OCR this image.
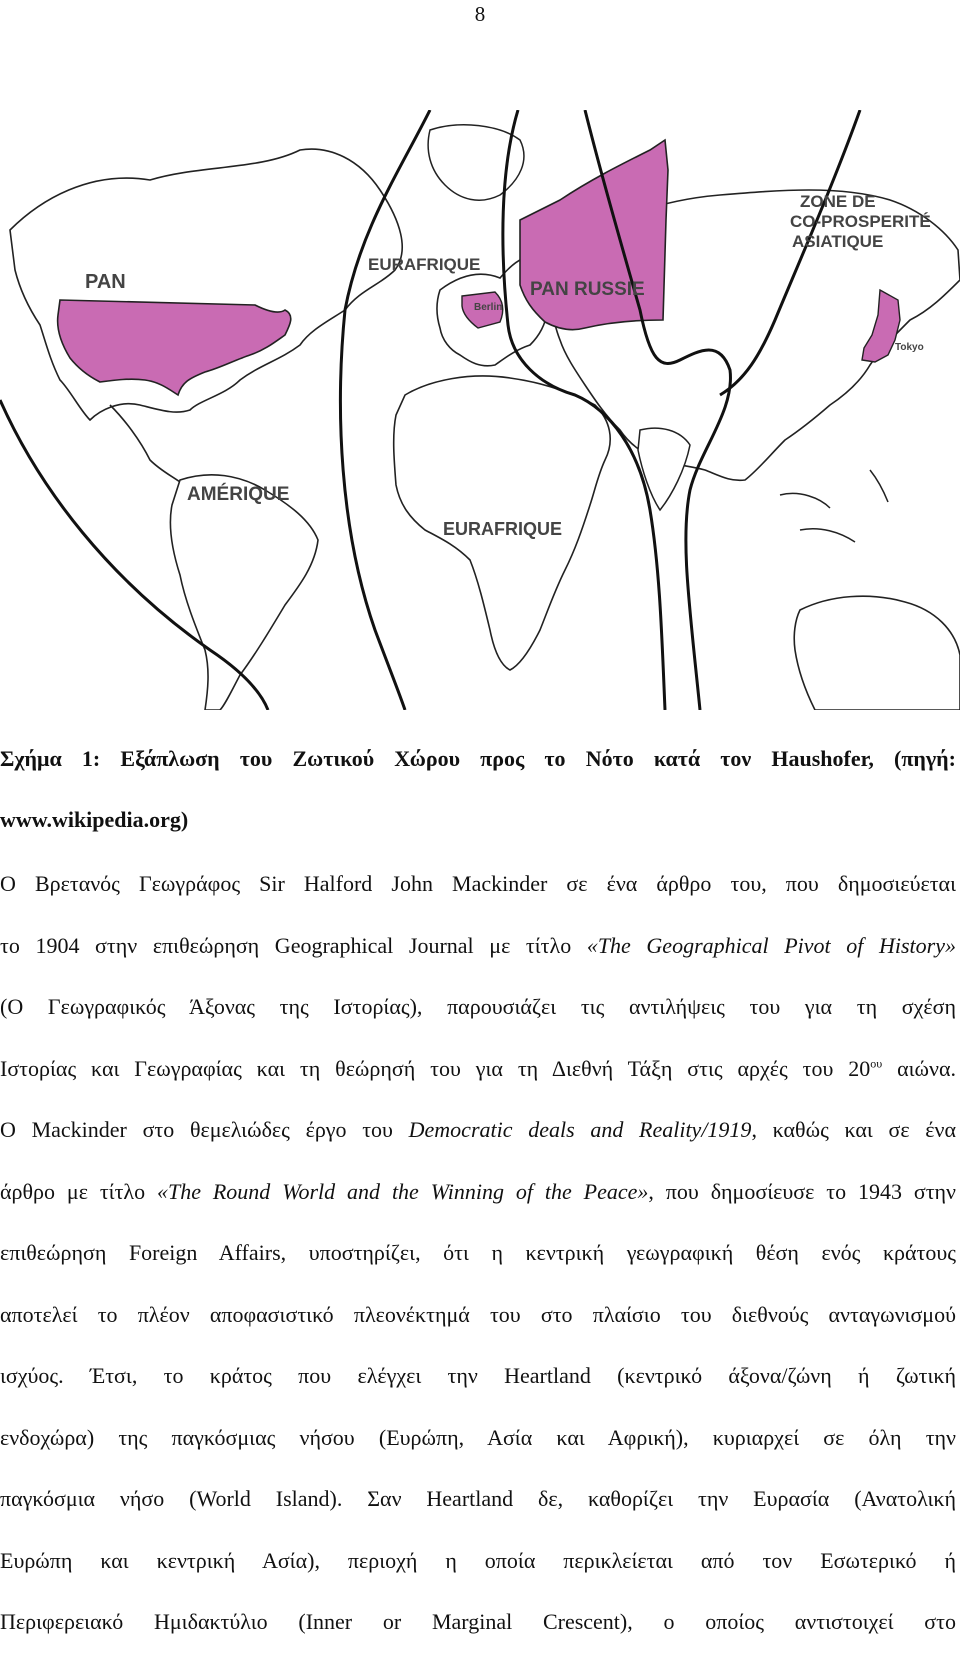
8
PAN
AMÉRIQUE
EURAFRIQUE
EURAFRIQUE
PAN RUSSIE
ZONE DE
CO-PROSPERITÉ
ASIATIQUE
Berlin
Tokyo
Σχήμα 1: Εξάπλωση του Ζωτικού Χώρου προς το Νότο κατά τον Haushofer, (πηγή:
www.wikipedia.org)
Ο Βρετανός Γεωγράφος Sir Halford John Mackinder σε ένα άρθρο του, που δημοσιεύεται
το 1904 στην επιθεώρηση Geographical Journal με τίτλο «The Geographical Pivot of History»
(Ο Γεωγραφικός Άξονας της Ιστορίας), παρουσιάζει τις αντιλήψεις του για τη σχέση
Ιστορίας και Γεωγραφίας και τη θεώρησή του για τη Διεθνή Τάξη στις αρχές του $20^{o\upsilon}$ αιώνα.
Ο Mackinder στο θεμελιώδες έργο του Democratic deals and Reality/1919, καθώς και σε ένα
άρθρο με τίτλο «The Round World and the Winning of the Peace», που δημοσίευσε το 1943 στην
επιθεώρηση Foreign Affairs, υποστηρίζει, ότι η κεντρική γεωγραφική θέση ενός κράτους
αποτελεί το πλέον αποφασιστικό πλεονέκτημά του στο πλαίσιο του διεθνούς ανταγωνισμού
ισχύος. Έτσι, το κράτος που ελέγχει την Heartland (κεντρικό άξονα/ζώνη ή ζωτική
ενδοχώρα) της παγκόσμιας νήσου (Ευρώπη, Ασία και Αφρική), κυριαρχεί σε όλη την
παγκόσμια νήσο (World Island). Σαν Heartland δε, καθορίζει την Ευρασία (Ανατολική
Ευρώπη και κεντρική Ασία), περιοχή η οποία περικλείεται από τον Εσωτερικό ή
Περιφερειακό Ημιδακτύλιο (Inner or Marginal Crescent), ο οποίος αντιστοιχεί στο
